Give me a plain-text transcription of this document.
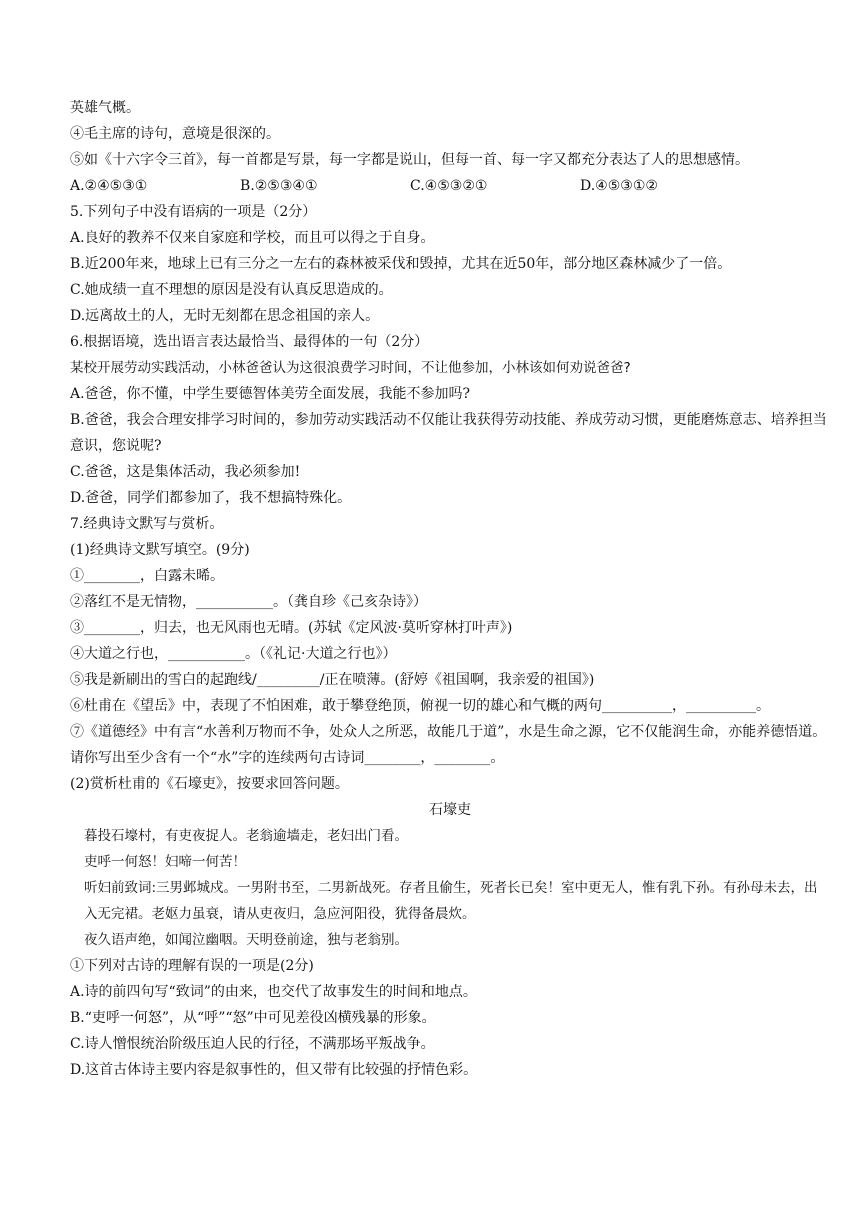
英雄气概。
④毛主席的诗句，意境是很深的。
⑤如《十六字令三首》，每一首都是写景，每一字都是说山，但每一首、每一字又都充分表达了人的思想感情。
A.②④⑤③①	B.②⑤③④①	C.④⑤③②①	D.④⑤③①②
5.下列句子中没有语病的一项是（2分）
A.良好的教养不仅来自家庭和学校，而且可以得之于自身。
B.近200年来，地球上已有三分之一左右的森林被采伐和毁掉，尤其在近50年，部分地区森林减少了一倍。
C.她成绩一直不理想的原因是没有认真反思造成的。
D.远离故土的人，无时无刻都在思念祖国的亲人。
6.根据语境，选出语言表达最恰当、最得体的一句（2分）
某校开展劳动实践活动，小林爸爸认为这很浪费学习时间，不让他参加，小林该如何劝说爸爸?
A.爸爸，你不懂，中学生要德智体美劳全面发展，我能不参加吗?
B.爸爸，我会合理安排学习时间的，参加劳动实践活动不仅能让我获得劳动技能、养成劳动习惯，更能磨炼意志、培养担当意识，您说呢?
C.爸爸，这是集体活动，我必须参加!
D.爸爸，同学们都参加了，我不想搞特殊化。
7.经典诗文默写与赏析。
(1)经典诗文默写填空。(9分)
①________，白露未晞。
②落红不是无情物，___________。（龚自珍《己亥杂诗》）
③________，归去，也无风雨也无晴。(苏轼《定风波·莫听穿林打叶声》)
④大道之行也，___________。（《礼记·大道之行也》）
⑤我是新刷出的雪白的起跑线/_________/正在喷薄。(舒婷《祖国啊，我亲爱的祖国》)
⑥杜甫在《望岳》中，表现了不怕困难，敢于攀登绝顶，俯视一切的雄心和气概的两句__________，__________。
⑦《道德经》中有言“水善利万物而不争，处众人之所恶，故能几于道”，水是生命之源，它不仅能润生命，亦能养德悟道。请你写出至少含有一个“水”字的连续两句古诗词________，________。
(2)赏析杜甫的《石壕吏》，按要求回答问题。
石壕吏
暮投石壕村，有吏夜捉人。老翁逾墙走，老妇出门看。
吏呼一何怒！妇啼一何苦！
听妇前致词:三男邺城戍。一男附书至，二男新战死。存者且偷生，死者长已矣！室中更无人，惟有乳下孙。有孙母未去，出入无完裙。老妪力虽衰，请从吏夜归，急应河阳役，犹得备晨炊。
夜久语声绝，如闻泣幽咽。天明登前途，独与老翁别。
①下列对古诗的理解有误的一项是(2分)
A.诗的前四句写“致词”的由来，也交代了故事发生的时间和地点。
B.“吏呼一何怒”，从“呼”“怒”中可见差役凶横残暴的形象。
C.诗人憎恨统治阶级压迫人民的行径，不满那场平叛战争。
D.这首古体诗主要内容是叙事性的，但又带有比较强的抒情色彩。
